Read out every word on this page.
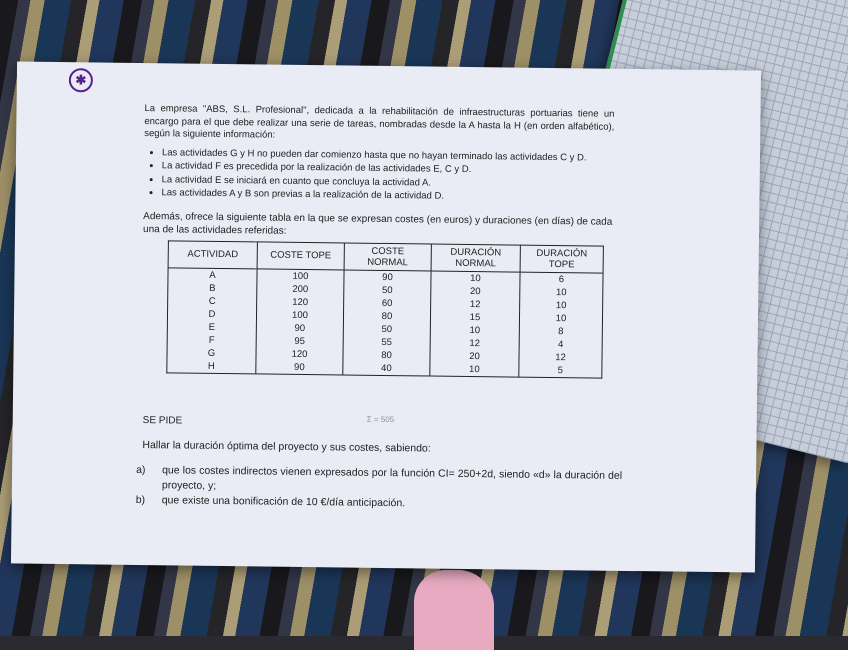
✱

La empresa "ABS, S.L. Profesional", dedicada a la rehabilitación de infraestructuras portuarias tiene un encargo para el que debe realizar una serie de tareas, nombradas desde la A hasta la H (en orden alfabético), según la siguiente información:

• Las actividades G y H no pueden dar comienzo hasta que no hayan terminado las actividades C y D.
• La actividad F es precedida por la realización de las actividades E, C y D.
• La actividad E se iniciará en cuanto que concluya la actividad A.
• Las actividades A y B son previas a la realización de la actividad D.

Además, ofrece la siguiente tabla en la que se expresan costes (en euros) y duraciones (en días) de cada una de las actividades referidas:

ACTIVIDAD	COSTE TOPE	COSTE NORMAL	DURACIÓN NORMAL	DURACIÓN TOPE
A	100	90	10	6
B	200	50	20	10
C	120	60	12	10
D	100	80	15	10
E	90	50	10	8
F	95	55	12	4
G	120	80	20	12
H	90	40	10	5
Σ = 505
SE PIDE
Hallar la duración óptima del proyecto y sus costes, sabiendo:
a) que los costes indirectos vienen expresados por la función CI= 250+2d, siendo «d» la duración del proyecto, y;
b) que existe una bonificación de 10 €/día anticipación.
